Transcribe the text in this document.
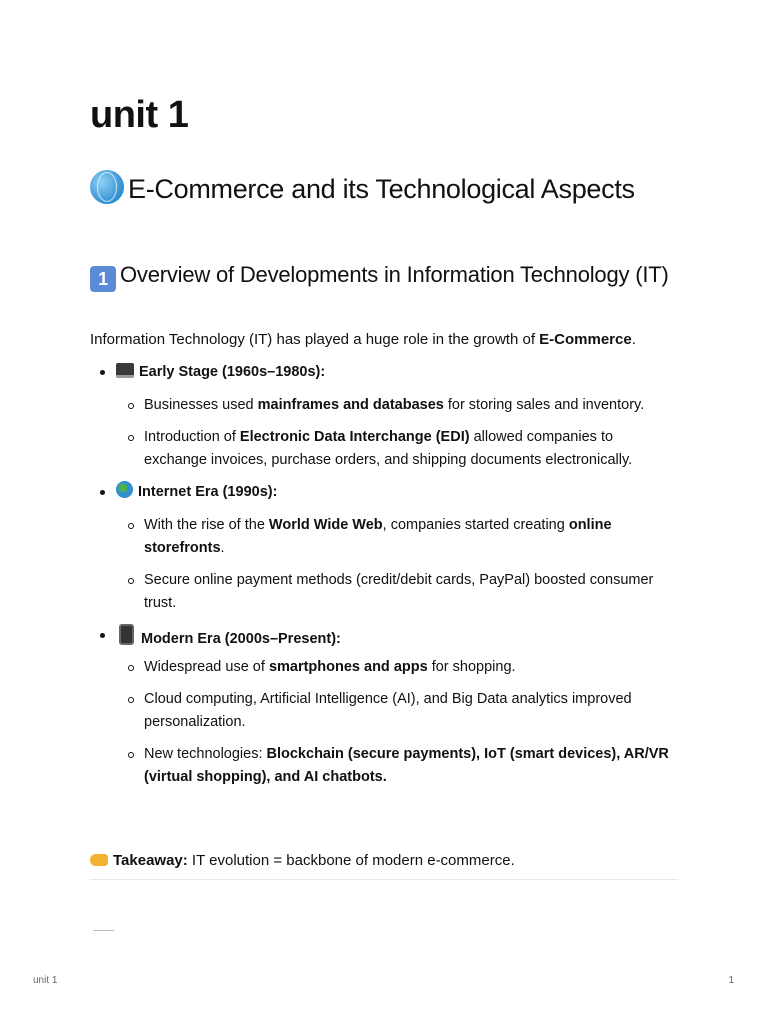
unit 1
E-Commerce and its Technological Aspects
1 Overview of Developments in Information Technology (IT)

Information Technology (IT) has played a huge role in the growth of E-Commerce.

Early Stage (1960s–1980s):
Businesses used mainframes and databases for storing sales and inventory.
Introduction of Electronic Data Interchange (EDI) allowed companies to exchange invoices, purchase orders, and shipping documents electronically.
Internet Era (1990s):
With the rise of the World Wide Web, companies started creating online storefronts.
Secure online payment methods (credit/debit cards, PayPal) boosted consumer trust.
Modern Era (2000s–Present):
Widespread use of smartphones and apps for shopping.
Cloud computing, Artificial Intelligence (AI), and Big Data analytics improved personalization.
New technologies: Blockchain (secure payments), IoT (smart devices), AR/VR (virtual shopping), and AI chatbots.

Takeaway: IT evolution = backbone of modern e-commerce.

unit 1	1
